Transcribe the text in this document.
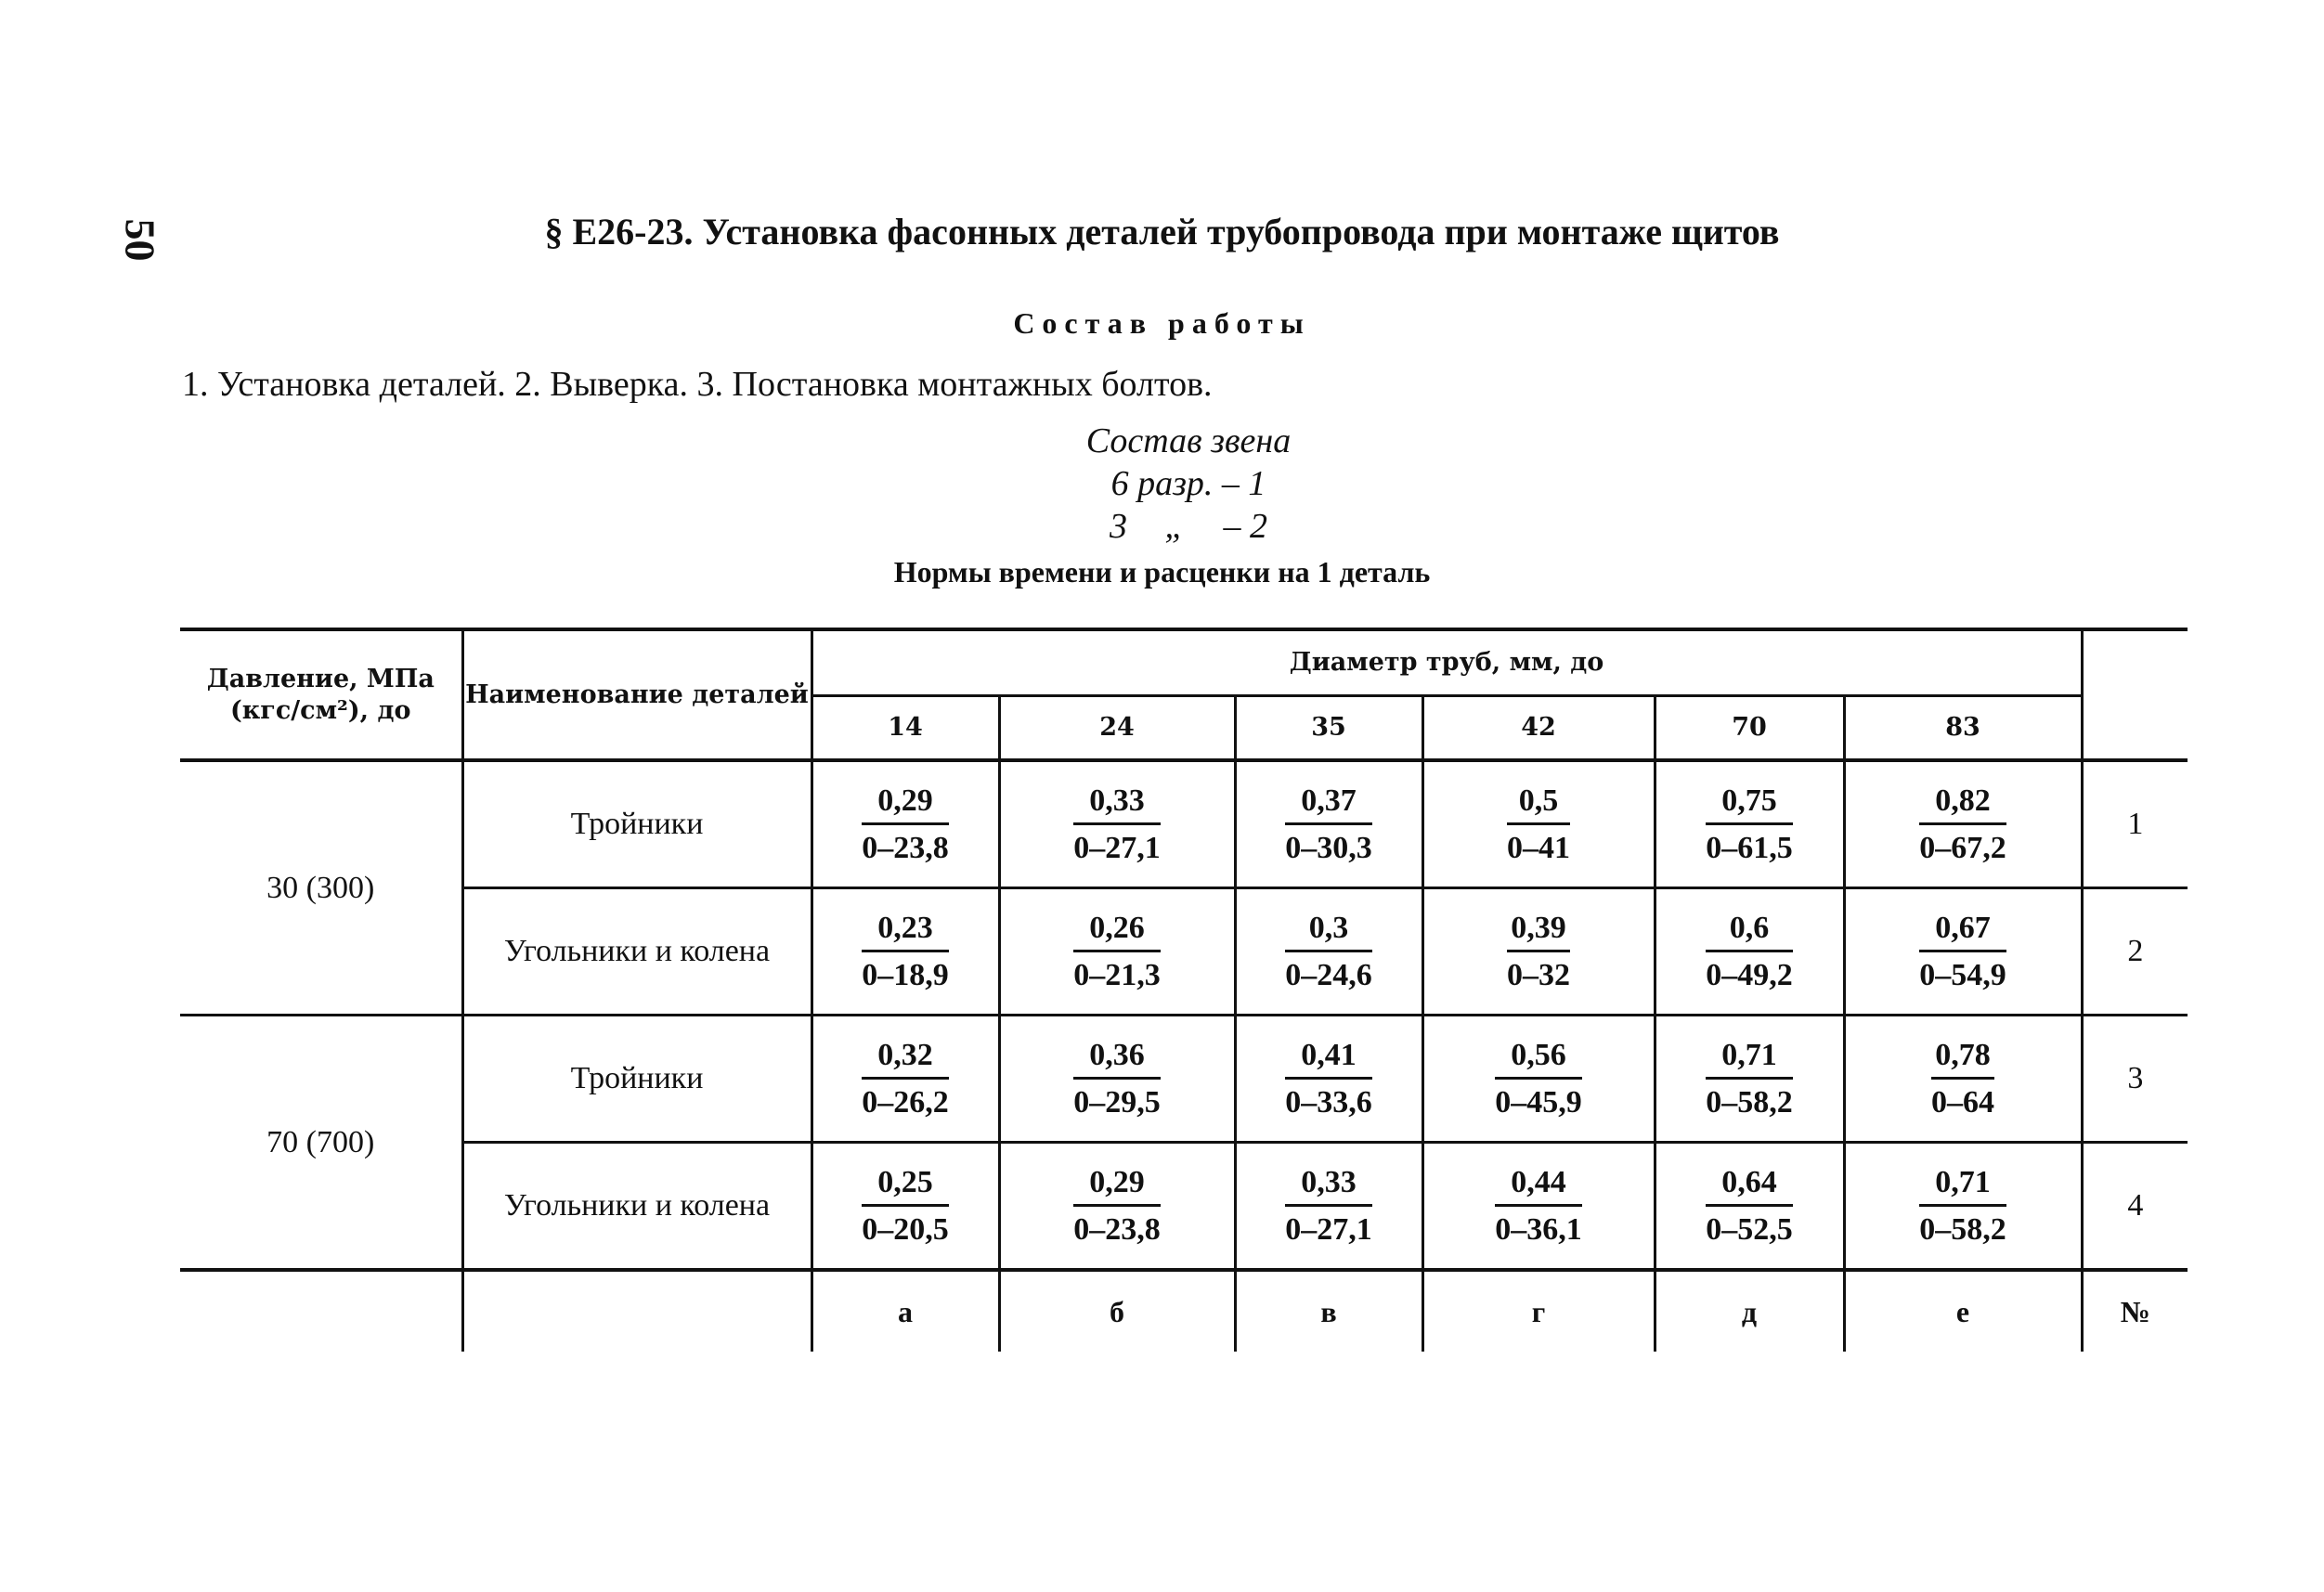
50	§ Е26-23. Установка фасонных деталей трубопровода при монтаже щитов
Состав работы
1. Установка деталей. 2. Выверка. 3. Постановка монтажных болтов.
Состав звена
6 разр. – 1
3 „ – 2
Нормы времени и расценки на 1 деталь
Давление, МПа (кгс/см²), до	Наименование деталей	Диаметр труб, мм, до						
		14	24	35	42	70	83	
30 (300)	Тройники	$\frac{0,29}{0-23,8}$	$\frac{0,33}{0-27,1}$	$\frac{0,37}{0-30,3}$	$\frac{0,5}{0-41}$	$\frac{0,75}{0-61,5}$	$\frac{0,82}{0-67,2}$	1
	Угольники и колена	$\frac{0,23}{0-18,9}$	$\frac{0,26}{0-21,3}$	$\frac{0,3}{0-24,6}$	$\frac{0,39}{0-32}$	$\frac{0,6}{0-49,2}$	$\frac{0,67}{0-54,9}$	2
70 (700)	Тройники	$\frac{0,32}{0-26,2}$	$\frac{0,36}{0-29,5}$	$\frac{0,41}{0-33,6}$	$\frac{0,56}{0-45,9}$	$\frac{0,71}{0-58,2}$	$\frac{0,78}{0-64}$	3
	Угольники и колена	$\frac{0,25}{0-20,5}$	$\frac{0,29}{0-23,8}$	$\frac{0,33}{0-27,1}$	$\frac{0,44}{0-36,1}$	$\frac{0,64}{0-52,5}$	$\frac{0,71}{0-58,2}$	4
		а	б	в	г	д	е	№
